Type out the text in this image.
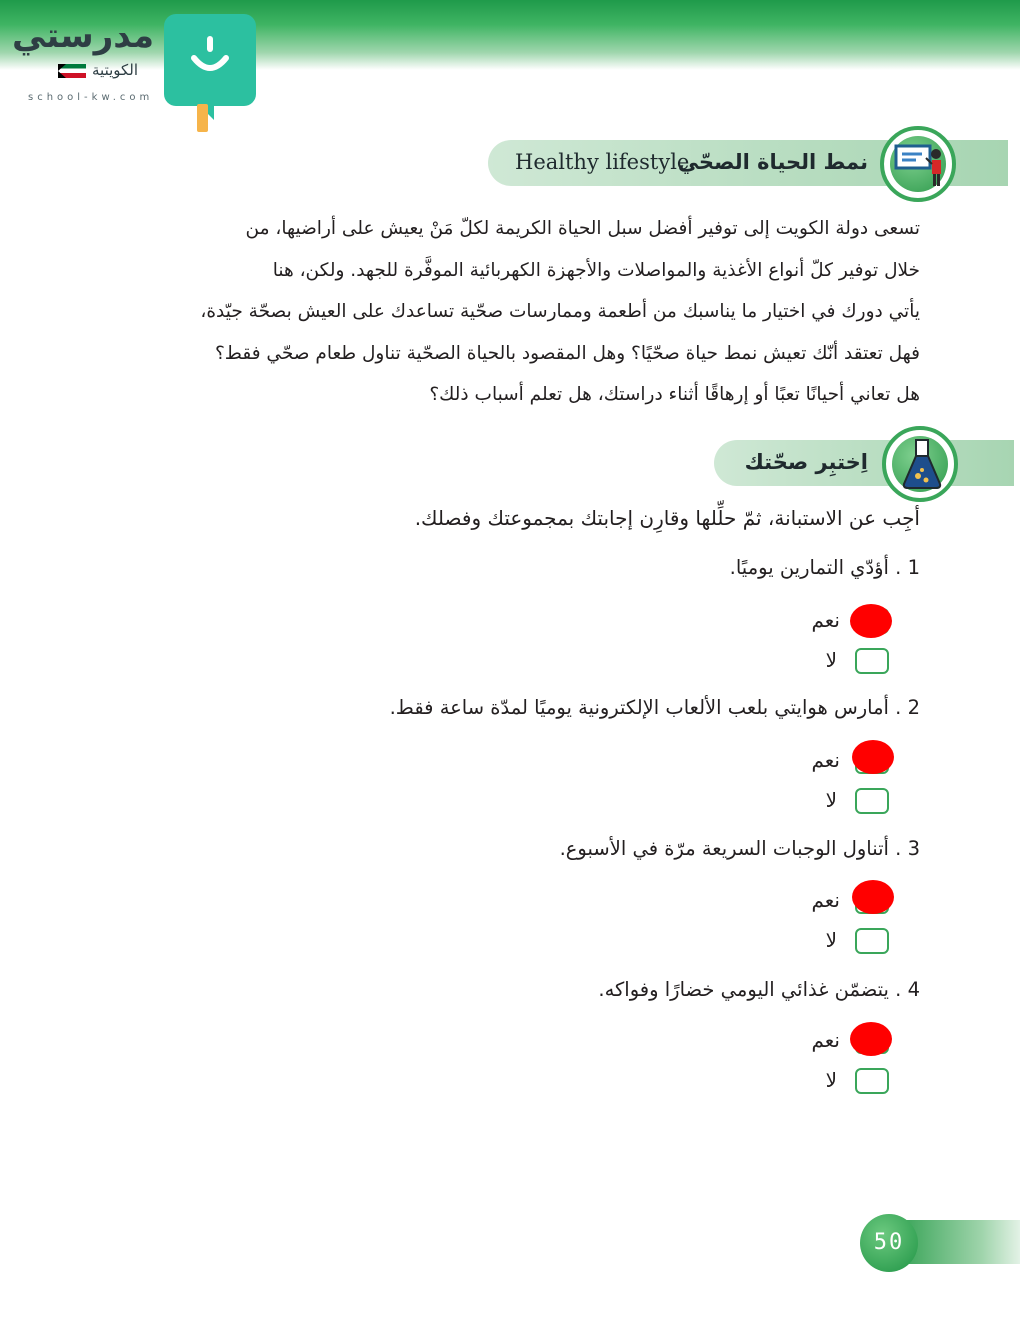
مدرستي
الكويتية
school-kw.com
Healthy lifestyle
نمط الحياة الصحّي
تسعى دولة الكويت إلى توفير أفضل سبل الحياة الكريمة لكلّ مَنْ يعيش على أراضيها، من
خلال توفير كلّ أنواع الأغذية والمواصلات والأجهزة الكهربائية الموفَّرة للجهد. ولكن، هنا
يأتي دورك في اختيار ما يناسبك من أطعمة وممارسات صحّية تساعدك على العيش بصحّة جيّدة،
فهل تعتقد أنّك تعيش نمط حياة صحّيًا؟ وهل المقصود بالحياة الصحّية تناول طعام صحّي فقط؟
هل تعاني أحيانًا تعبًا أو إرهاقًا أثناء دراستك، هل تعلم أسباب ذلك؟
اِختبِر صحّتك
أجِب عن الاستبانة، ثمّ حلِّلها وقارِن إجابتك بمجموعتك وفصلك.
1 . أؤدّي التمارين يوميًا.
نعم
لا
2 . أمارس هوايتي بلعب الألعاب الإلكترونية يوميًا لمدّة ساعة فقط.
نعم
لا
3 . أتناول الوجبات السريعة مرّة في الأسبوع.
نعم
لا
4 . يتضمّن غذائي اليومي خضارًا وفواكه.
نعم
لا
50
